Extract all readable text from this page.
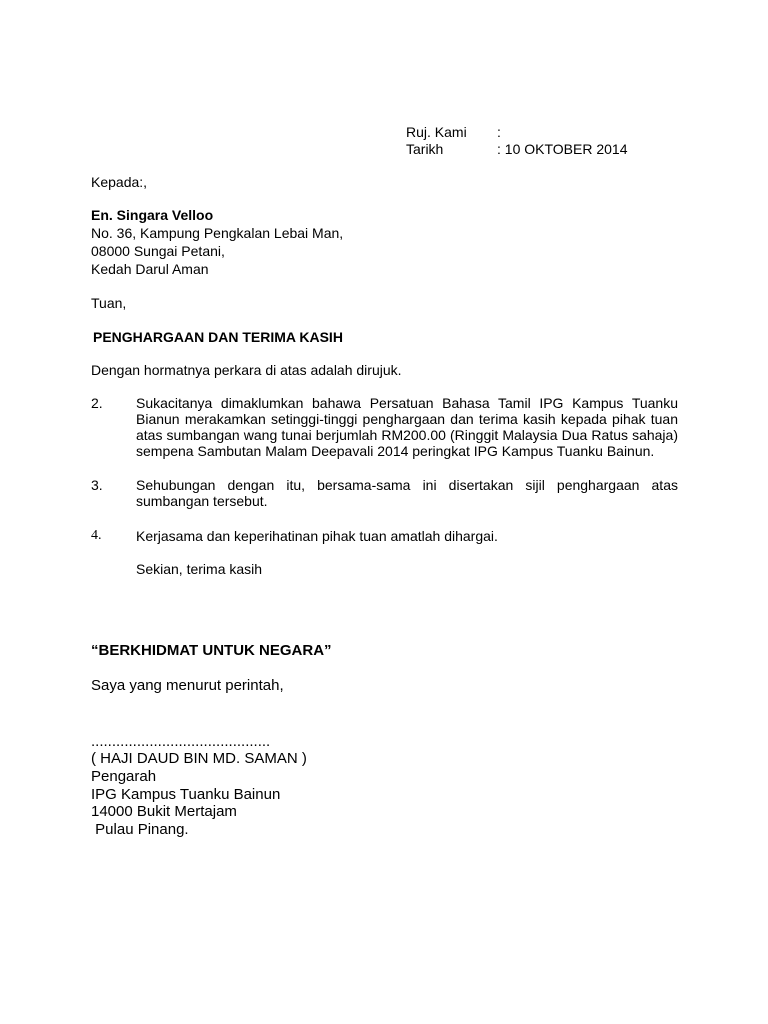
Ruj. Kami :
Tarikh	: 10 OKTOBER 2014
Kepada:,
En. Singara Velloo
No. 36, Kampung Pengkalan Lebai Man,
08000 Sungai Petani,
Kedah Darul Aman
Tuan,
PENGHARGAAN DAN TERIMA KASIH
Dengan hormatnya perkara di atas adalah dirujuk.
2. Sukacitanya dimaklumkan bahawa Persatuan Bahasa Tamil IPG Kampus Tuanku Bianun merakamkan setinggi-tinggi penghargaan dan terima kasih kepada pihak tuan atas sumbangan wang tunai berjumlah RM200.00 (Ringgit Malaysia Dua Ratus sahaja) sempena Sambutan Malam Deepavali 2014 peringkat IPG Kampus Tuanku Bainun.
3. Sehubungan dengan itu, bersama-sama ini disertakan sijil penghargaan atas sumbangan tersebut.
4. Kerjasama dan keperihatinan pihak tuan amatlah dihargai.
Sekian, terima kasih
“BERKHIDMAT UNTUK NEGARA”
Saya yang menurut perintah,
...........................................
( HAJI DAUD BIN MD. SAMAN )
Pengarah
IPG Kampus Tuanku Bainun
14000 Bukit Mertajam
Pulau Pinang.
